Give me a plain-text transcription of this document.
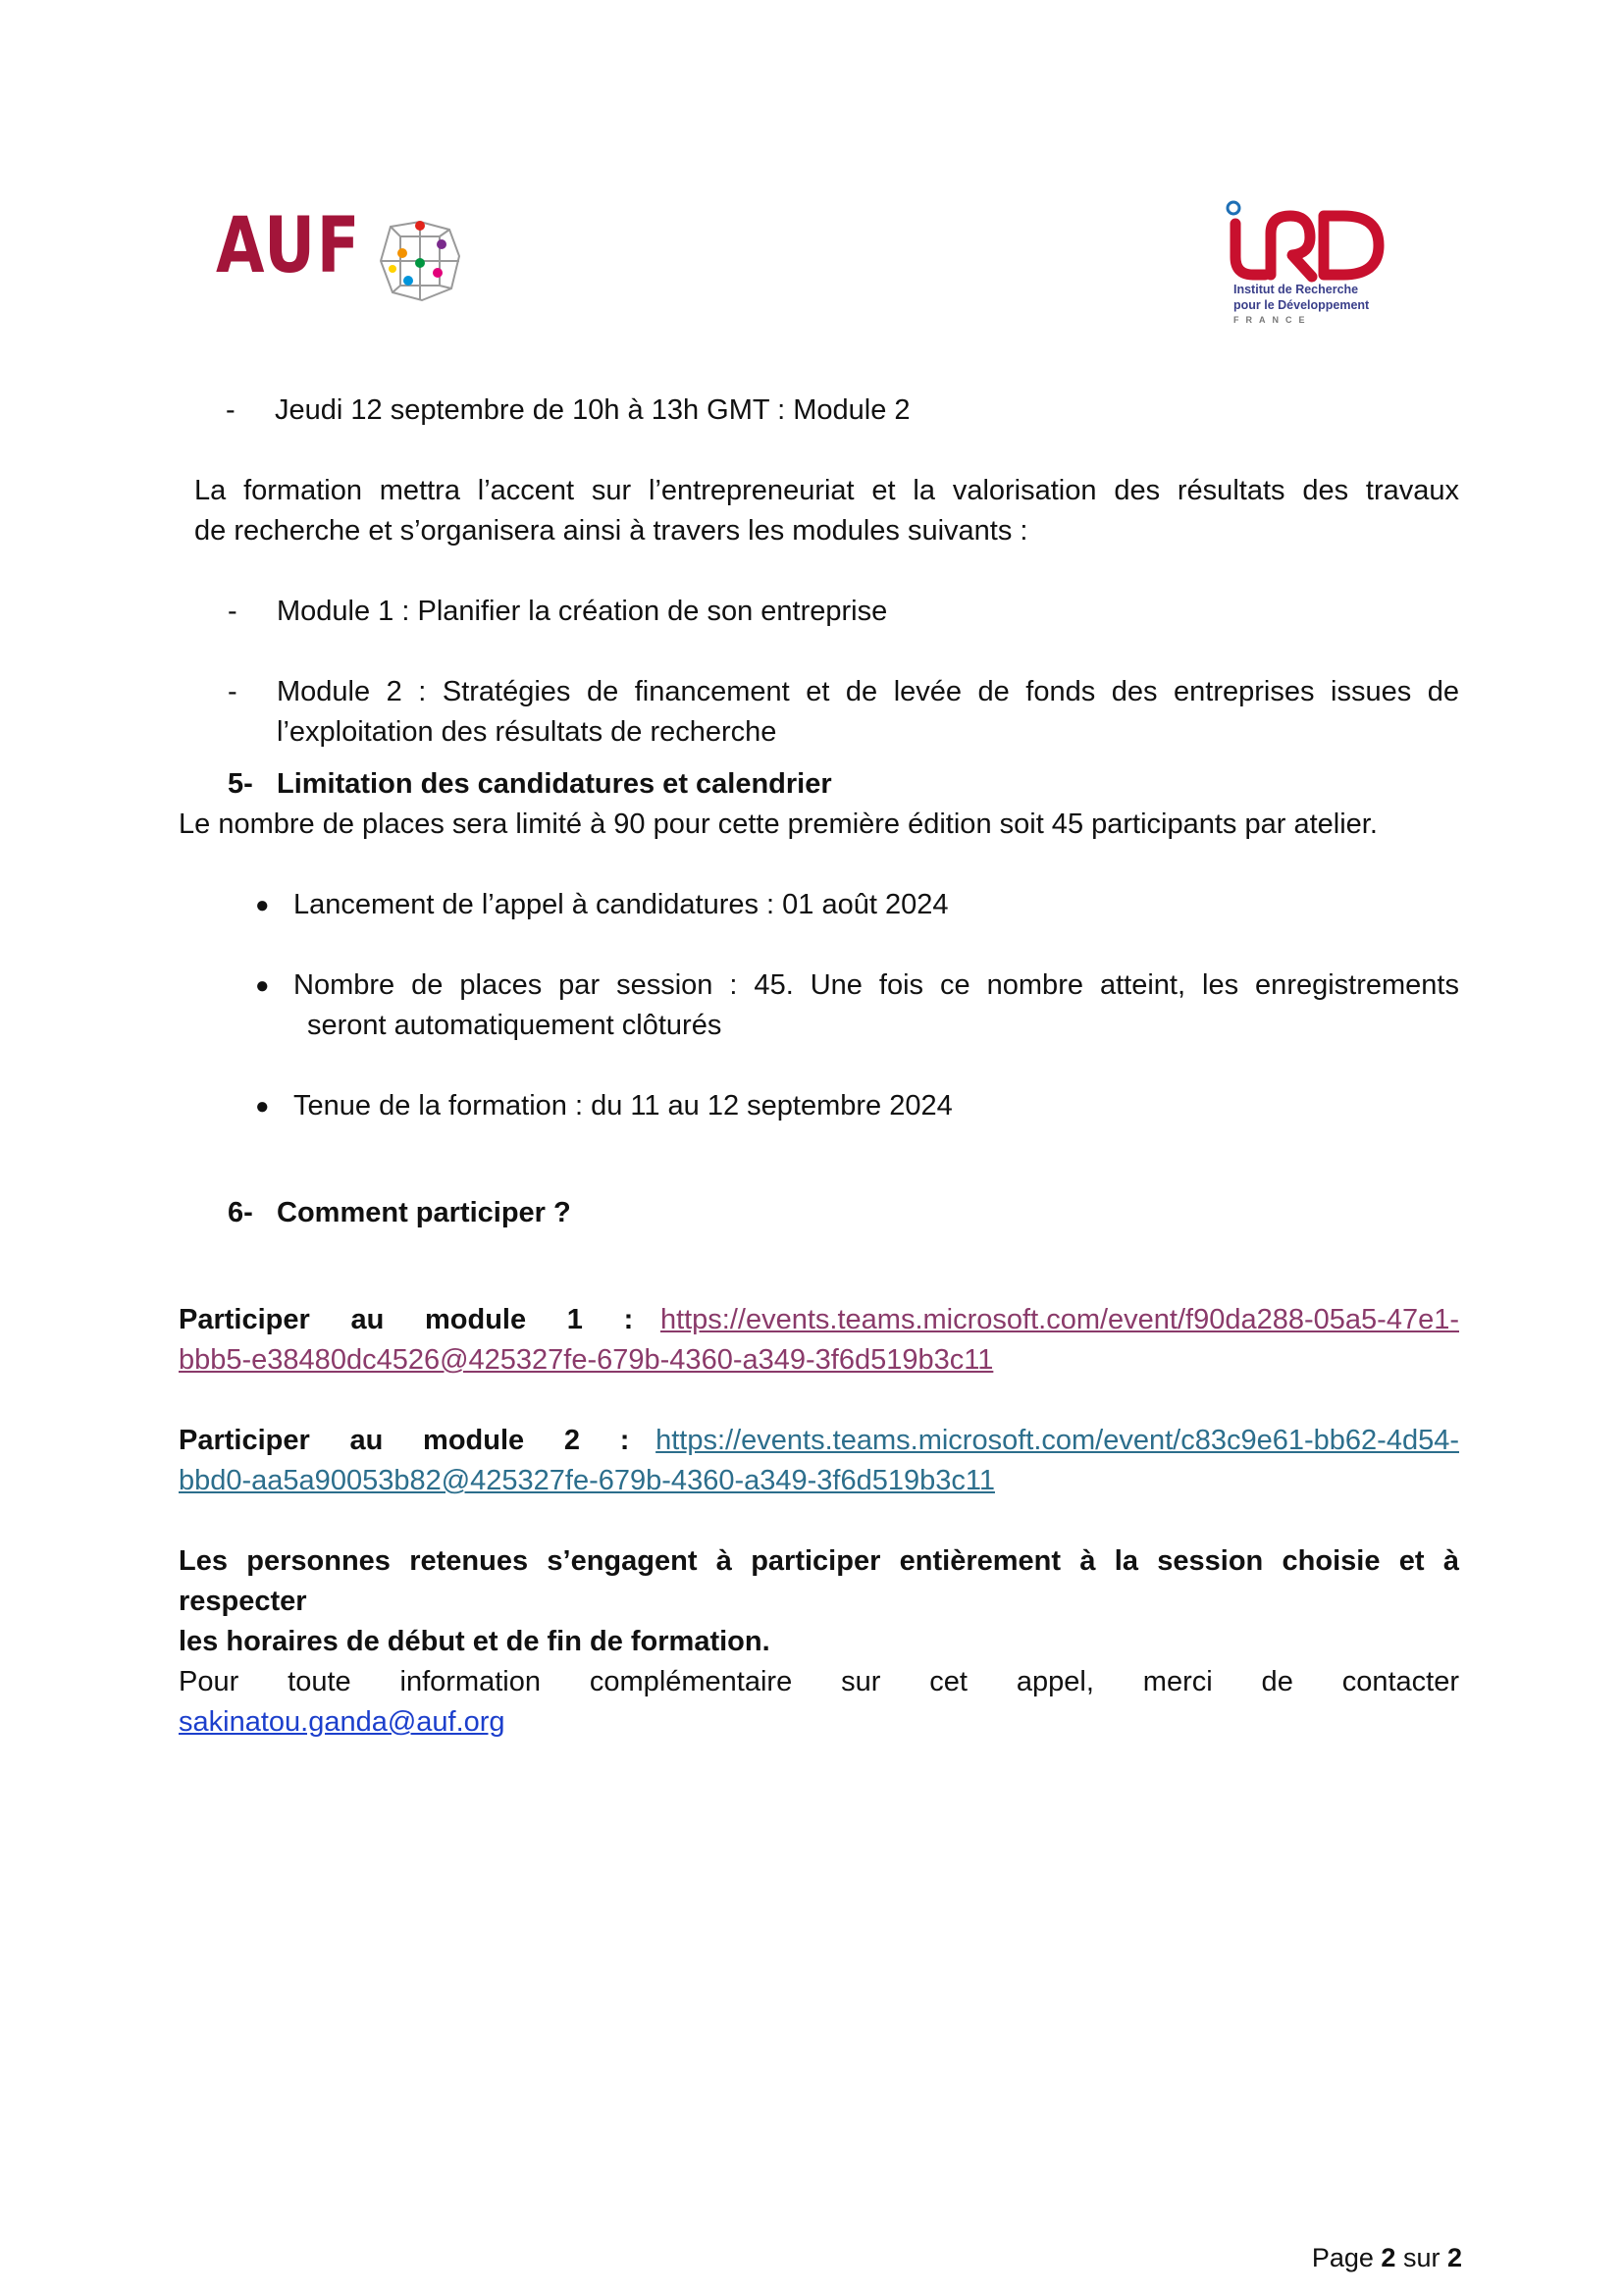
AUF	Institut de Recherche
pour le Développement
FRANCE
- Jeudi 12 septembre de 10h à 13h GMT : Module 2
La formation mettra l’accent sur l’entrepreneuriat et la valorisation des résultats des travaux
de recherche et s’organisera ainsi à travers les modules suivants :
- Module 1 : Planifier la création de son entreprise
- Module 2 : Stratégies de financement et de levée de fonds des entreprises issues de
l’exploitation des résultats de recherche
5- Limitation des candidatures et calendrier
Le nombre de places sera limité à 90 pour cette première édition soit 45 participants par atelier.
● Lancement de l’appel à candidatures : 01 août 2024
● Nombre de places par session : 45. Une fois ce nombre atteint, les enregistrements
seront automatiquement clôturés
● Tenue de la formation : du 11 au 12 septembre 2024
6- Comment participer ?
Participer au module 1 : https://events.teams.microsoft.com/event/f90da288-05a5-47e1-
bbb5-e38480dc4526@425327fe-679b-4360-a349-3f6d519b3c11
Participer au module 2 : https://events.teams.microsoft.com/event/c83c9e61-bb62-4d54-
bbd0-aa5a90053b82@425327fe-679b-4360-a349-3f6d519b3c11
Les personnes retenues s’engagent à participer entièrement à la session choisie et à respecter
les horaires de début et de fin de formation.
Pour toute information complémentaire sur cet appel, merci de contacter
sakinatou.ganda@auf.org
Page 2 sur 2
